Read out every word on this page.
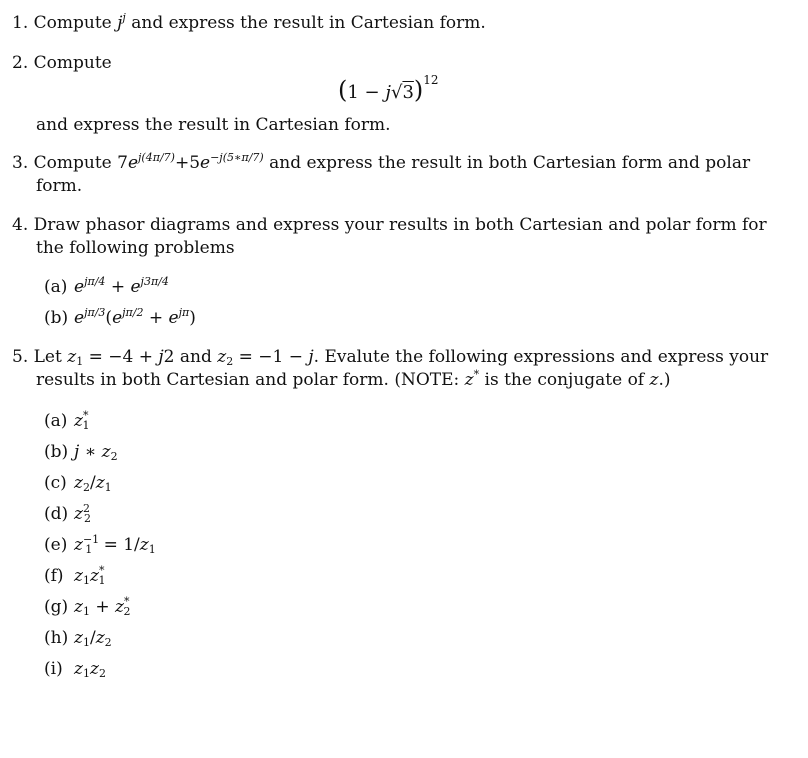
1. Compute $j^j$ and express the result in Cartesian form.
2. Compute
$(1 - j√3)^{12}$
and express the result in Cartesian form.
3. Compute $7e^{j(4\pi/7)}+5e^{-j(5∗\pi/7)}$ and express the result in both Cartesian form and polar
form.
4. Draw phasor diagrams and express your results in both Cartesian and polar form for
the following problems
(a) $e^{j\pi/4} + e^{j3\pi/4}$
(b) $e^{j\pi/3}(e^{j\pi/2} + e^{j\pi})$
5. Let $z_1 = -4 + j2$ and $z_2 = -1 - j$. Evalute the following expressions and express your
results in both Cartesian and polar form. (NOTE: z* is the conjugate of z.)
(a) $z^*_1$
(b) j ∗ $z_2$
(c) $z_2/z_1$
(d) $z^2_2$
(e) $z^{-1}_1 = 1/z_1$
(f) $z_1z^*_1$
(g) $z_1 + z^*_2$
(h) $z_1/z_2$
(i) $z_1z_2$
